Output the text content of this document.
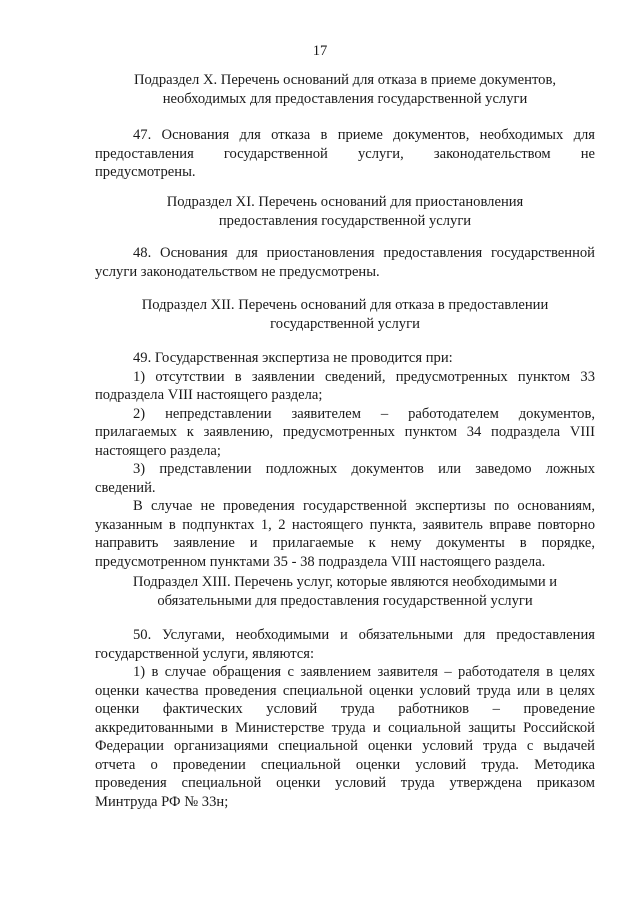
17
Подраздел X. Перечень оснований для отказа в приеме документов,
необходимых для предоставления государственной услуги
47. Основания для отказа в приеме документов, необходимых для
предоставления государственной услуги, законодательством не
предусмотрены.
Подраздел XI. Перечень оснований для приостановления
предоставления государственной услуги
48. Основания для приостановления предоставления государственной
услуги законодательством не предусмотрены.
Подраздел XII. Перечень оснований для отказа в предоставлении
государственной услуги
49. Государственная экспертиза не проводится при:
1) отсутствии в заявлении сведений, предусмотренных пунктом 33
подраздела VIII настоящего раздела;
2) непредставлении заявителем – работодателем документов,
прилагаемых к заявлению, предусмотренных пунктом 34 подраздела VIII
настоящего раздела;
3) представлении подложных документов или заведомо ложных
сведений.
В случае не проведения государственной экспертизы по основаниям,
указанным в подпунктах 1, 2 настоящего пункта, заявитель вправе повторно
направить заявление и прилагаемые к нему документы в порядке,
предусмотренном пунктами 35 - 38 подраздела VIII настоящего раздела.
Подраздел XIII. Перечень услуг, которые являются необходимыми и
обязательными для предоставления государственной услуги
50. Услугами, необходимыми и обязательными для предоставления
государственной услуги, являются:
1) в случае обращения с заявлением заявителя – работодателя в целях
оценки качества проведения специальной оценки условий труда или в целях
оценки фактических условий труда работников – проведение
аккредитованными в Министерстве труда и социальной защиты Российской
Федерации организациями специальной оценки условий труда с выдачей
отчета о проведении специальной оценки условий труда. Методика
проведения специальной оценки условий труда утверждена приказом
Минтруда РФ № 33н;
